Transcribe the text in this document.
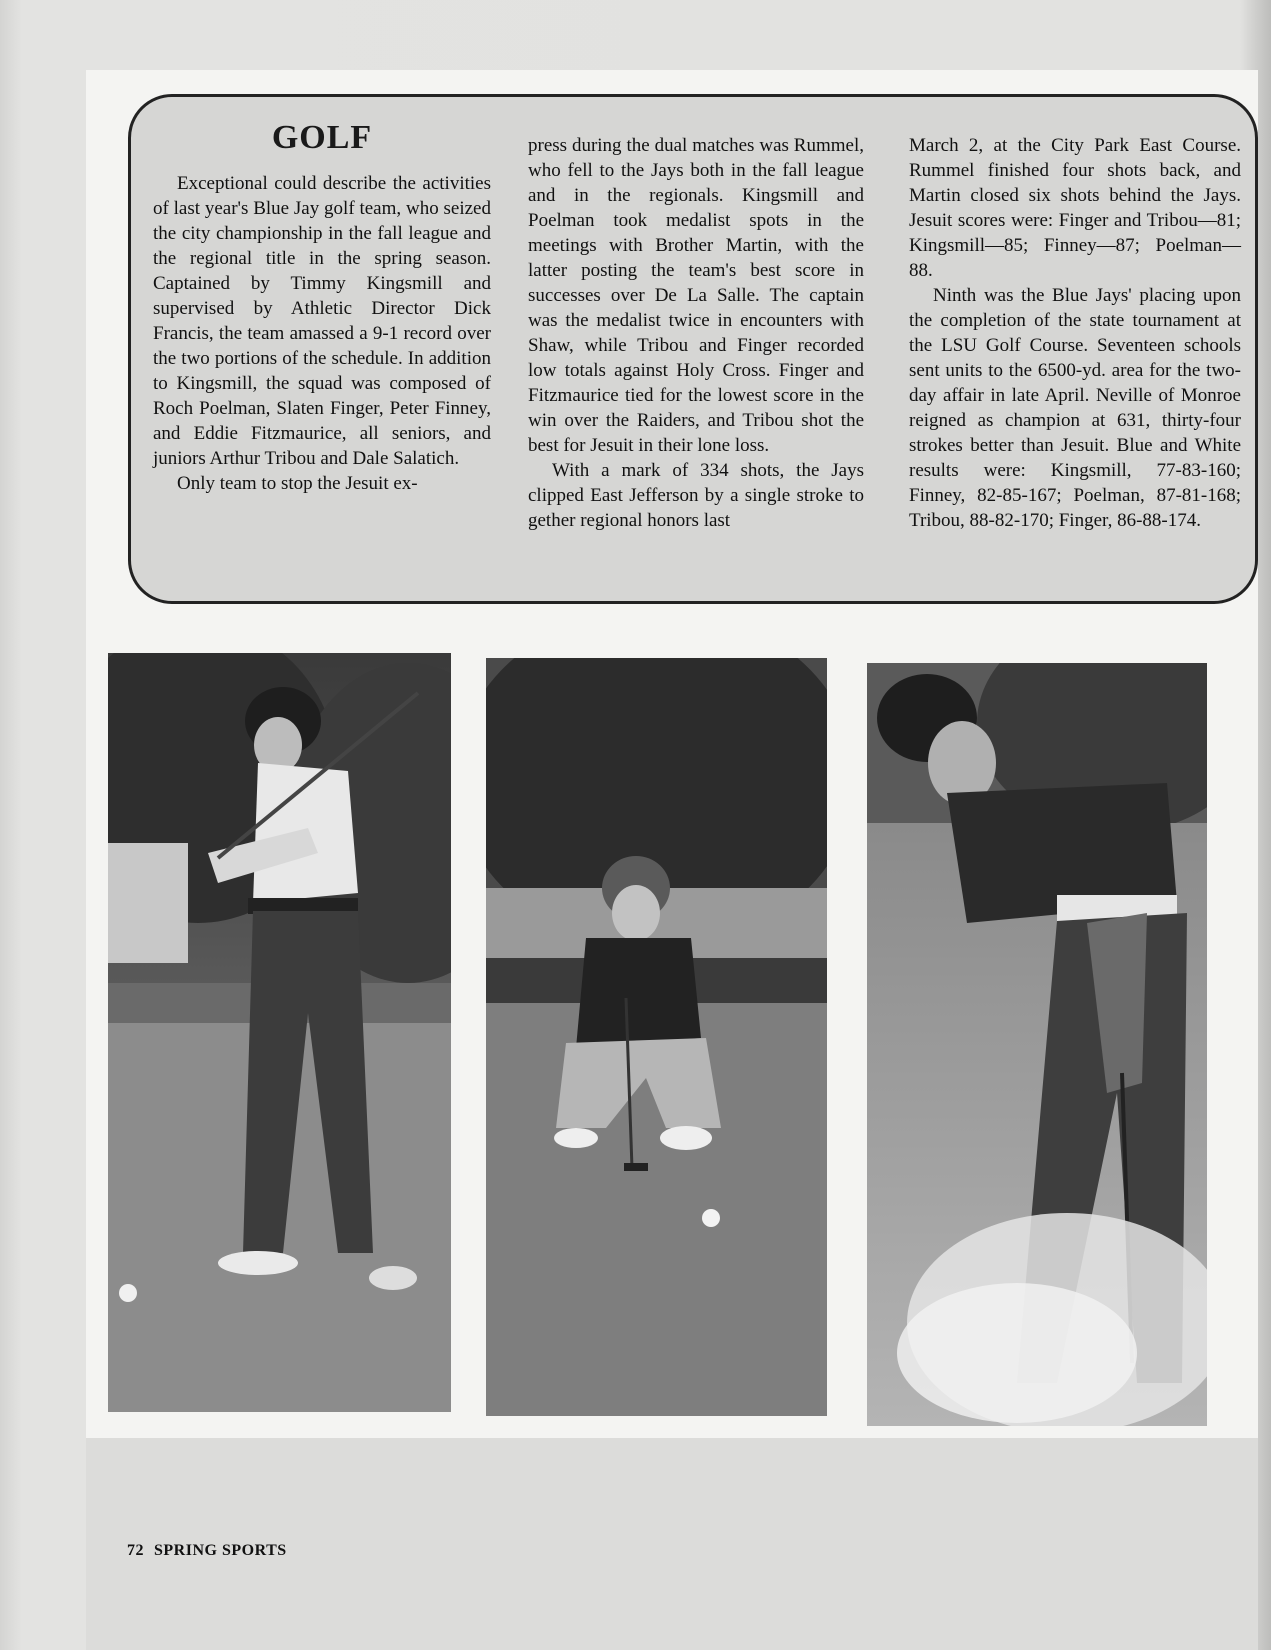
GOLF

Exceptional could describe the activities of last year's Blue Jay golf team, who seized the city championship in the fall league and the regional title in the spring season. Captained by Timmy Kingsmill and supervised by Athletic Director Dick Francis, the team amassed a 9-1 record over the two portions of the schedule. In addition to Kingsmill, the squad was composed of Roch Poelman, Slaten Finger, Peter Finney, and Eddie Fitzmaurice, all seniors, and juniors Arthur Tribou and Dale Salatich.

Only team to stop the Jesuit ex-

press during the dual matches was Rummel, who fell to the Jays both in the fall league and in the regionals. Kingsmill and Poelman took medalist spots in the meetings with Brother Martin, with the latter posting the team's best score in successes over De La Salle. The captain was the medalist twice in encounters with Shaw, while Tribou and Finger recorded low totals against Holy Cross. Finger and Fitzmaurice tied for the lowest score in the win over the Raiders, and Tribou shot the best for Jesuit in their lone loss.

With a mark of 334 shots, the Jays clipped East Jefferson by a single stroke to gether regional honors last

March 2, at the City Park East Course. Rummel finished four shots back, and Martin closed six shots behind the Jays. Jesuit scores were: Finger and Tribou—81; Kingsmill—85; Finney—87; Poelman—88.

Ninth was the Blue Jays' placing upon the completion of the state tournament at the LSU Golf Course. Seventeen schools sent units to the 6500-yd. area for the two-day affair in late April. Neville of Monroe reigned as champion at 631, thirty-four strokes better than Jesuit. Blue and White results were: Kingsmill, 77-83-160; Finney, 82-85-167; Poelman, 87-81-168; Tribou, 88-82-170; Finger, 86-88-174.

72 SPRING SPORTS
